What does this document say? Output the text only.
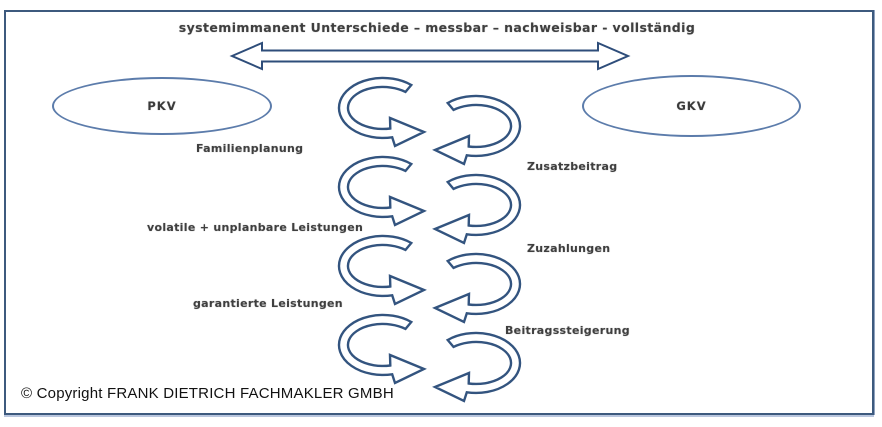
systemimmanent Unterschiede – messbar – nachweisbar - vollständig
PKV	GKV
Familienplanung
volatile + unplanbare Leistungen
garantierte Leistungen
Zusatzbeitrag
Zuzahlungen
Beitragssteigerung
© Copyright FRANK DIETRICH FACHMAKLER GMBH
